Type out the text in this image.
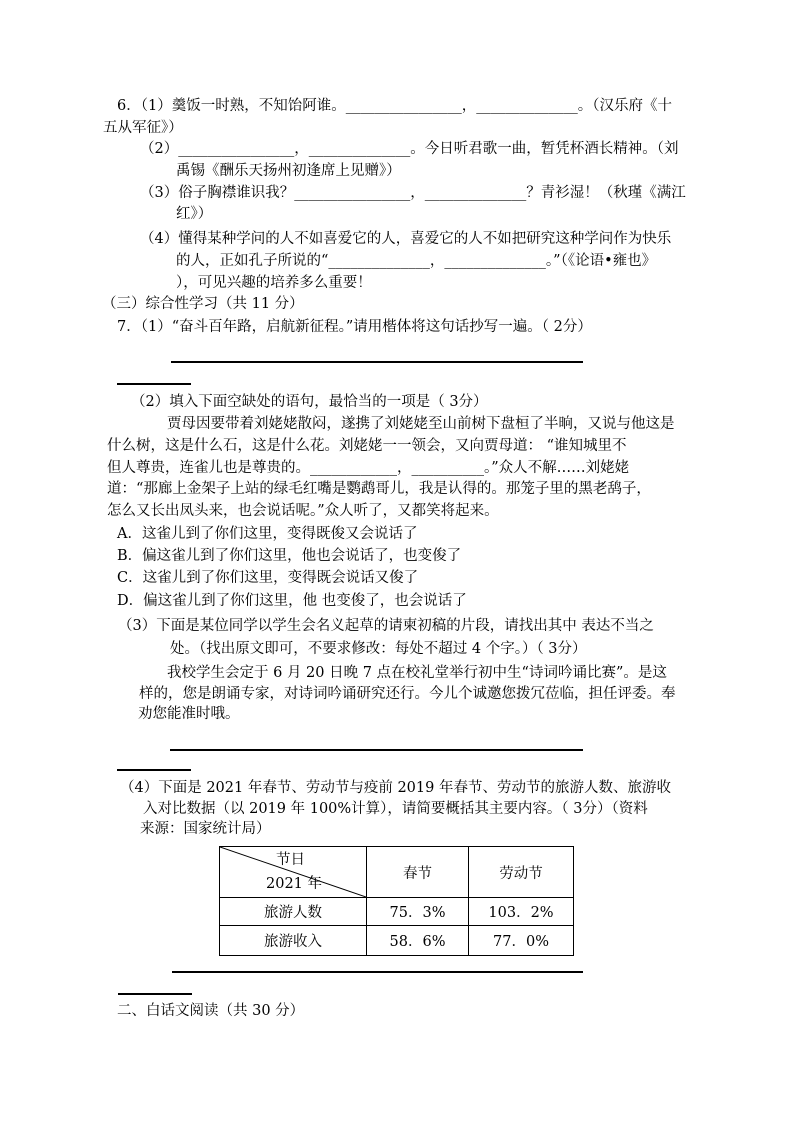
6．（1）羹饭一时熟，不知饴阿谁。________________，______________。（汉乐府《十
五从军征》）
（2）________________，______________。今日听君歌一曲，暂凭杯酒长精神。（刘
禹锡《酬乐天扬州初逢席上见赠》）
（3）俗子胸襟谁识我？________________，______________？青衫湿！（秋瑾《满江
红》）
（4）懂得某种学问的人不如喜爱它的人，喜爱它的人不如把研究这种学问作为快乐
的人，正如孔子所说的“______________，______________。”（《论语•雍也》
），可见兴趣的培养多么重要！
（三）综合性学习（共 11 分）
7．（1）“奋斗百年路，启航新征程。”请用楷体将这句话抄写一遍。（ 2分）
（2）填入下面空缺处的语句，最恰当的一项是（ 3分）
贾母因要带着刘姥姥散闷，遂携了刘姥姥至山前树下盘桓了半晌，又说与他这是
什么树，这是什么石，这是什么花。刘姥姥一一领会，又向贾母道： “谁知城里不
但人尊贵，连雀儿也是尊贵的。____________，__________。”众人不解……刘姥姥
道：“那廊上金架子上站的绿毛红嘴是鹦鹉哥儿，我是认得的。那笼子里的黑老鸹子，
怎么又长出凤头来，也会说话呢。”众人听了，又都笑将起来。
A．这雀儿到了你们这里，变得既俊又会说话了
B．偏这雀儿到了你们这里，他也会说话了，也变俊了
C．这雀儿到了你们这里，变得既会说话又俊了
D．偏这雀儿到了你们这里，他 也变俊了，也会说话了
（3）下面是某位同学以学生会名义起草的请柬初稿的片段，请找出其中 表达不当之
处。（找出原文即可，不要求修改：每处不超过 4 个字。）（ 3分）
我校学生会定于 6 月 20 日晚 7 点在校礼堂举行初中生“诗词吟诵比赛”。是这
样的，您是朗诵专家，对诗词吟诵研究还行。今儿个诚邀您拨冗莅临，担任评委。奉
劝您能准时哦。
（4）下面是 2021 年春节、劳动节与疫前 2019 年春节、劳动节的旅游人数、旅游收
入对比数据（以 2019 年 100%计算），请简要概括其主要内容。（ 3分）（资料
来源：国家统计局）
节日
2021 年	春节	劳动节
旅游人数	75．3%	103．2%
旅游收入	58．6%	77．0%
二、白话文阅读（共 30 分）
